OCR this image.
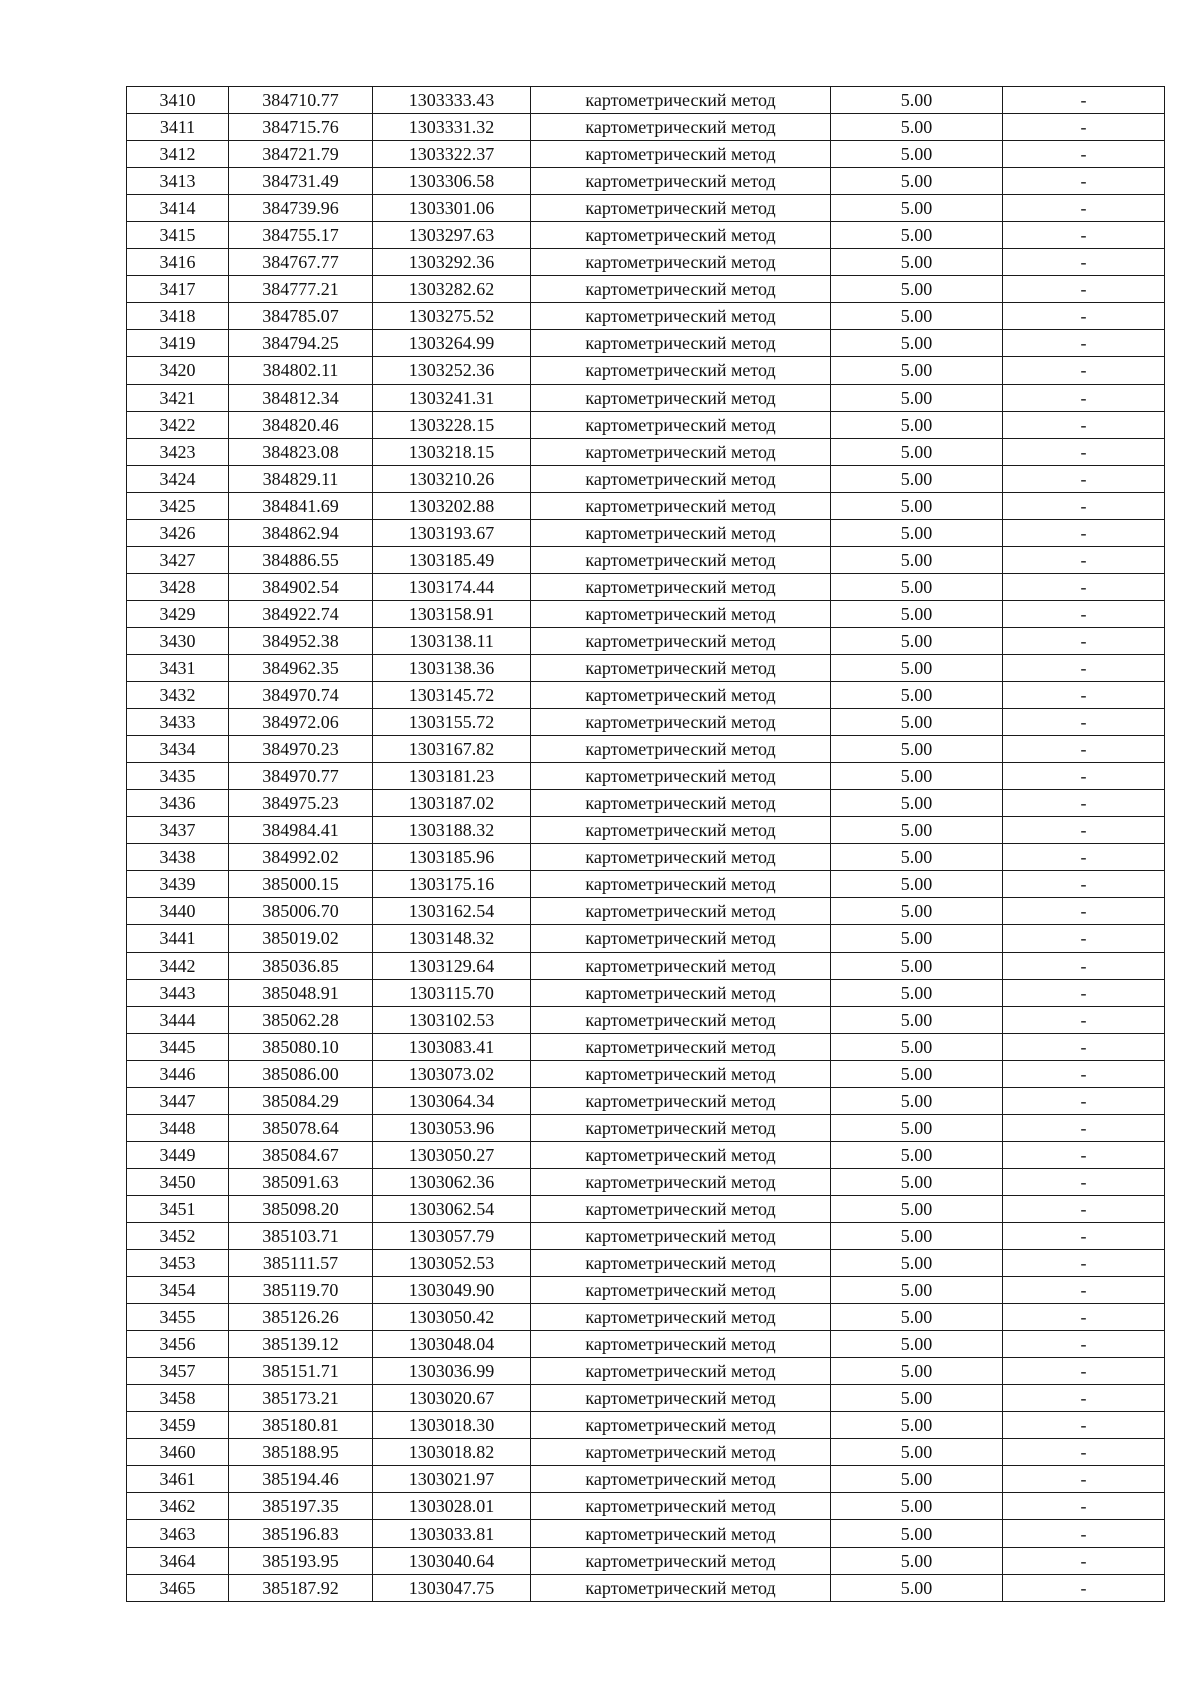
3410	384710.77	1303333.43	картометрический метод	5.00	-
3411	384715.76	1303331.32	картометрический метод	5.00	-
3412	384721.79	1303322.37	картометрический метод	5.00	-
3413	384731.49	1303306.58	картометрический метод	5.00	-
3414	384739.96	1303301.06	картометрический метод	5.00	-
3415	384755.17	1303297.63	картометрический метод	5.00	-
3416	384767.77	1303292.36	картометрический метод	5.00	-
3417	384777.21	1303282.62	картометрический метод	5.00	-
3418	384785.07	1303275.52	картометрический метод	5.00	-
3419	384794.25	1303264.99	картометрический метод	5.00	-
3420	384802.11	1303252.36	картометрический метод	5.00	-
3421	384812.34	1303241.31	картометрический метод	5.00	-
3422	384820.46	1303228.15	картометрический метод	5.00	-
3423	384823.08	1303218.15	картометрический метод	5.00	-
3424	384829.11	1303210.26	картометрический метод	5.00	-
3425	384841.69	1303202.88	картометрический метод	5.00	-
3426	384862.94	1303193.67	картометрический метод	5.00	-
3427	384886.55	1303185.49	картометрический метод	5.00	-
3428	384902.54	1303174.44	картометрический метод	5.00	-
3429	384922.74	1303158.91	картометрический метод	5.00	-
3430	384952.38	1303138.11	картометрический метод	5.00	-
3431	384962.35	1303138.36	картометрический метод	5.00	-
3432	384970.74	1303145.72	картометрический метод	5.00	-
3433	384972.06	1303155.72	картометрический метод	5.00	-
3434	384970.23	1303167.82	картометрический метод	5.00	-
3435	384970.77	1303181.23	картометрический метод	5.00	-
3436	384975.23	1303187.02	картометрический метод	5.00	-
3437	384984.41	1303188.32	картометрический метод	5.00	-
3438	384992.02	1303185.96	картометрический метод	5.00	-
3439	385000.15	1303175.16	картометрический метод	5.00	-
3440	385006.70	1303162.54	картометрический метод	5.00	-
3441	385019.02	1303148.32	картометрический метод	5.00	-
3442	385036.85	1303129.64	картометрический метод	5.00	-
3443	385048.91	1303115.70	картометрический метод	5.00	-
3444	385062.28	1303102.53	картометрический метод	5.00	-
3445	385080.10	1303083.41	картометрический метод	5.00	-
3446	385086.00	1303073.02	картометрический метод	5.00	-
3447	385084.29	1303064.34	картометрический метод	5.00	-
3448	385078.64	1303053.96	картометрический метод	5.00	-
3449	385084.67	1303050.27	картометрический метод	5.00	-
3450	385091.63	1303062.36	картометрический метод	5.00	-
3451	385098.20	1303062.54	картометрический метод	5.00	-
3452	385103.71	1303057.79	картометрический метод	5.00	-
3453	385111.57	1303052.53	картометрический метод	5.00	-
3454	385119.70	1303049.90	картометрический метод	5.00	-
3455	385126.26	1303050.42	картометрический метод	5.00	-
3456	385139.12	1303048.04	картометрический метод	5.00	-
3457	385151.71	1303036.99	картометрический метод	5.00	-
3458	385173.21	1303020.67	картометрический метод	5.00	-
3459	385180.81	1303018.30	картометрический метод	5.00	-
3460	385188.95	1303018.82	картометрический метод	5.00	-
3461	385194.46	1303021.97	картометрический метод	5.00	-
3462	385197.35	1303028.01	картометрический метод	5.00	-
3463	385196.83	1303033.81	картометрический метод	5.00	-
3464	385193.95	1303040.64	картометрический метод	5.00	-
3465	385187.92	1303047.75	картометрический метод	5.00	-
